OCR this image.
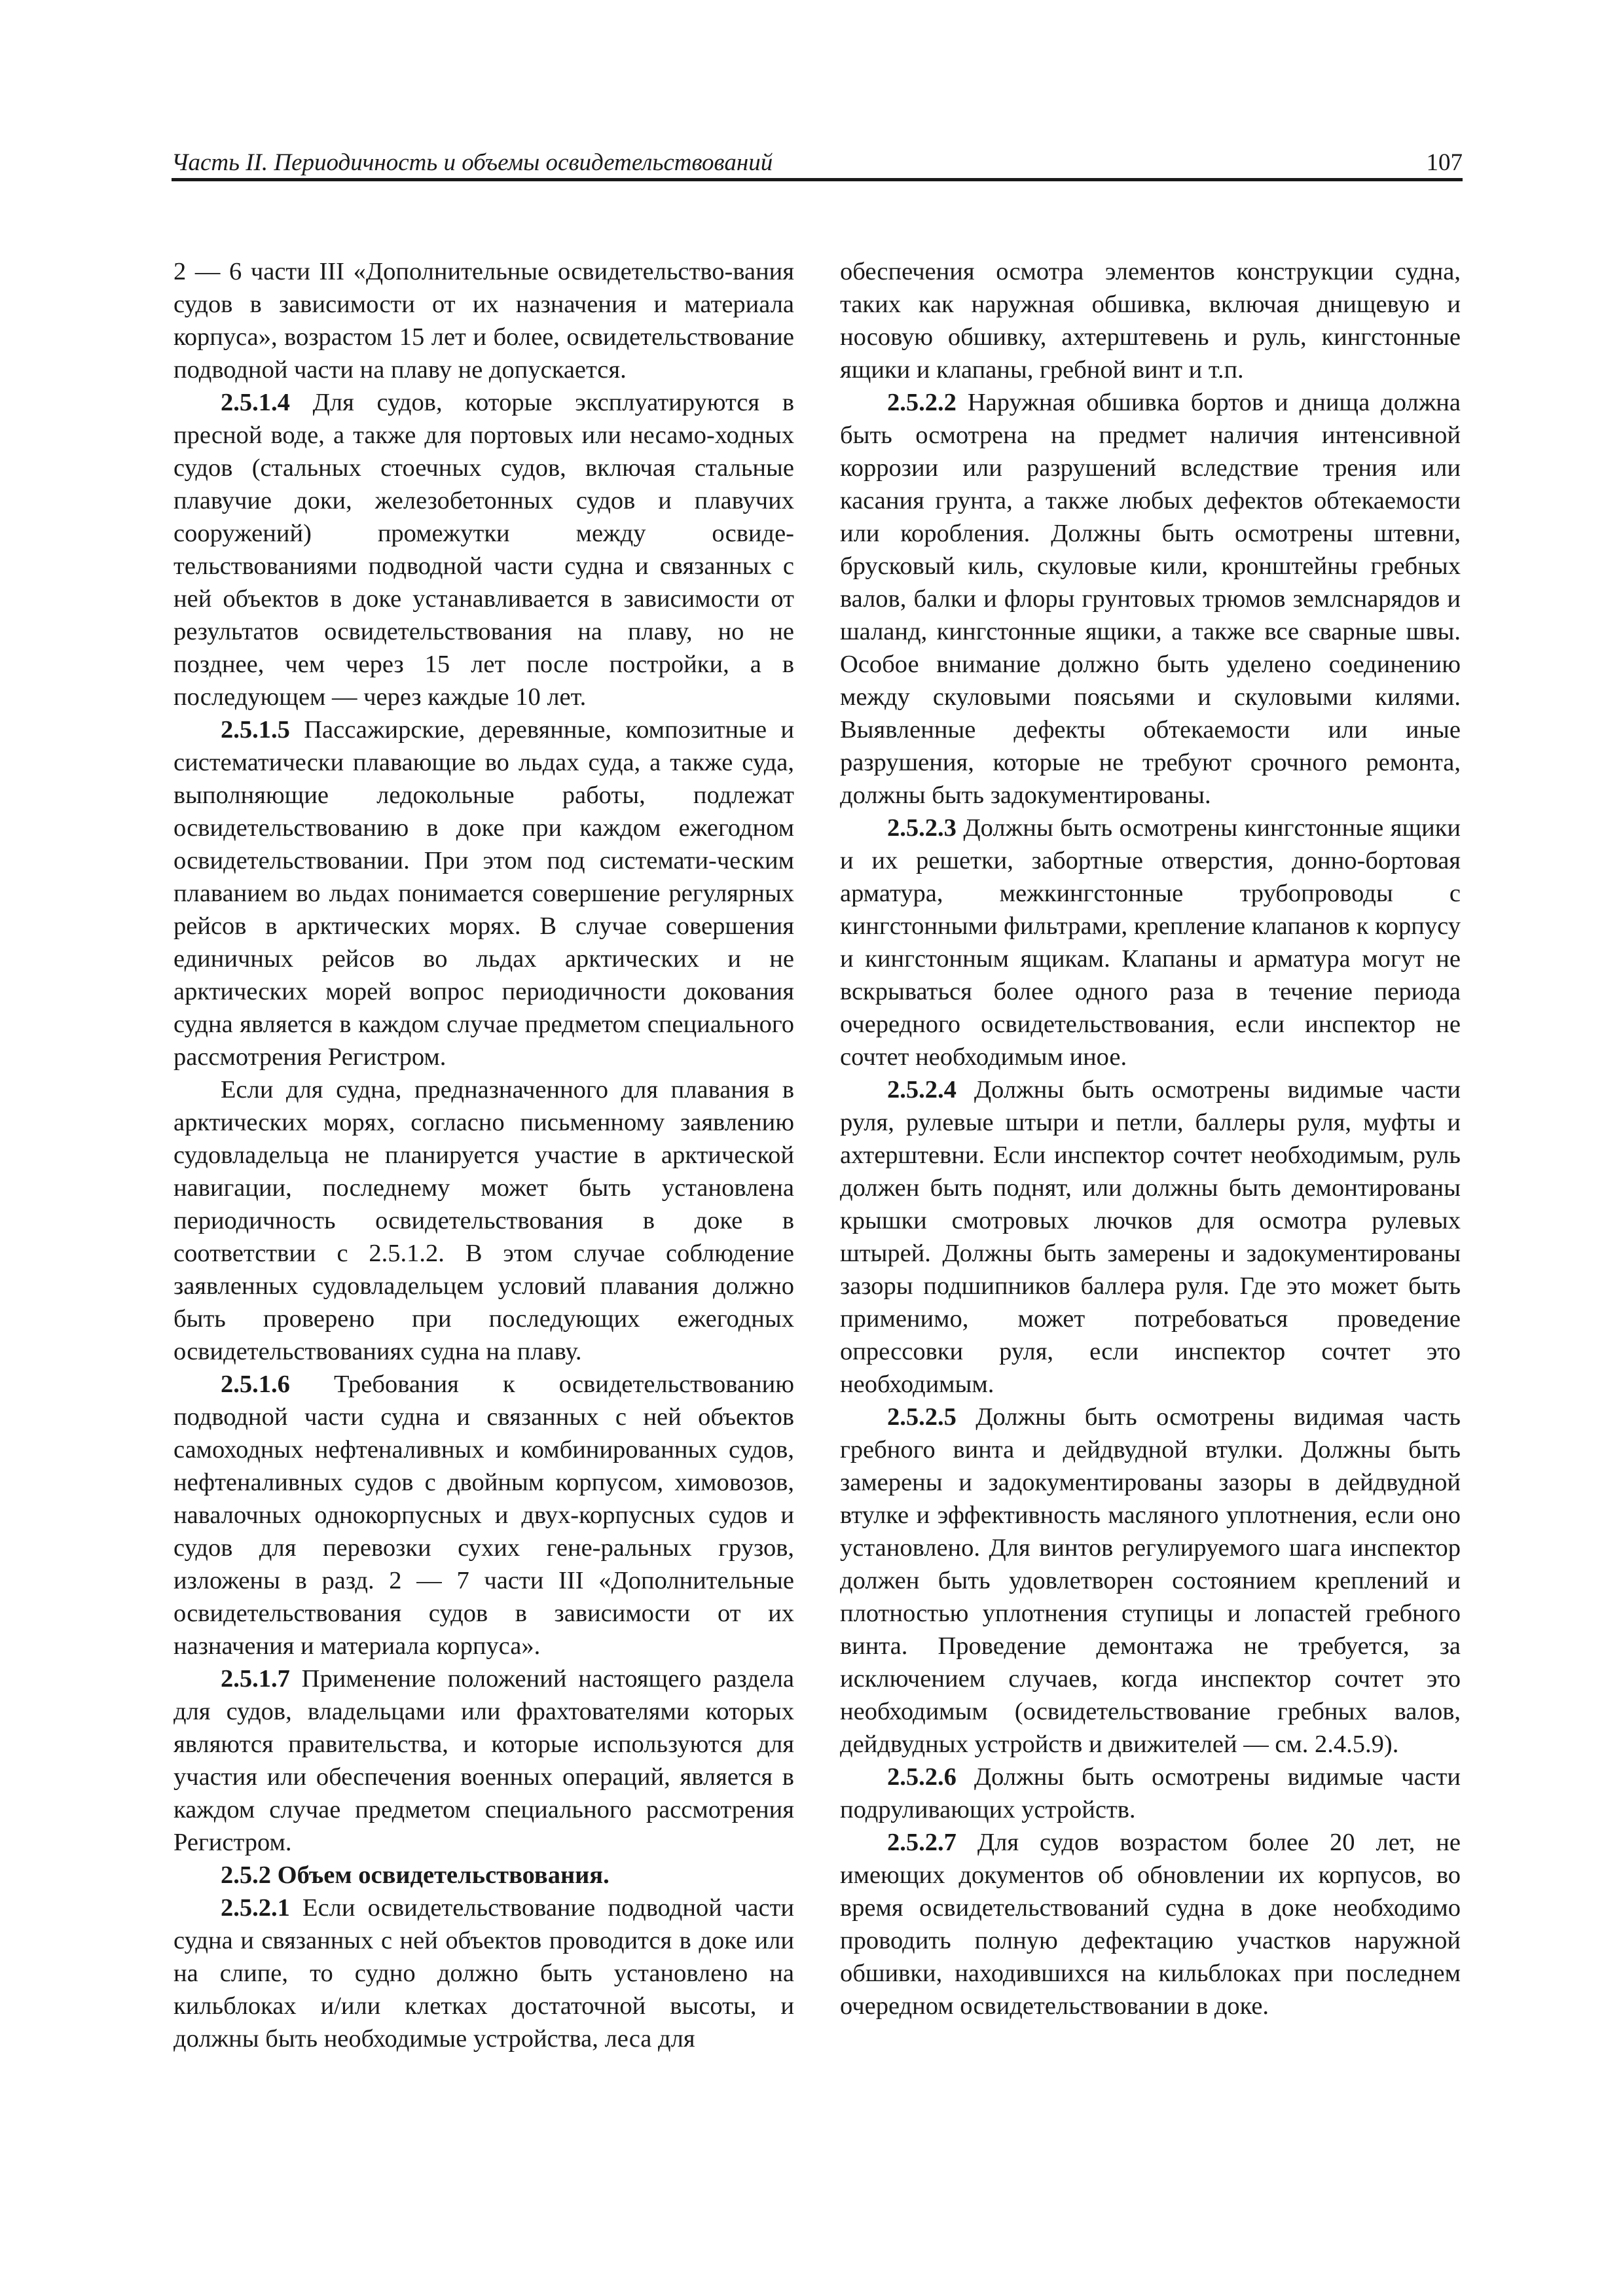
Часть II. Периодичность и объемы освидетельствований	107

2 — 6 части III «Дополнительные освидетельство-вания судов в зависимости от их назначения и материала корпуса», возрастом 15 лет и более, освидетельствование подводной части на плаву не допускается.

2.5.1.4 Для судов, которые эксплуатируются в пресной воде, а также для портовых или несамо-ходных судов (стальных стоечных судов, включая стальные плавучие доки, железобетонных судов и плавучих сооружений) промежутки между освиде-тельствованиями подводной части судна и связанных с ней объектов в доке устанавливается в зависимости от результатов освидетельствования на плаву, но не позднее, чем через 15 лет после постройки, а в последующем — через каждые 10 лет.

2.5.1.5 Пассажирские, деревянные, композитные и систематически плавающие во льдах суда, а также суда, выполняющие ледокольные работы, подлежат освидетельствованию в доке при каждом ежегодном освидетельствовании. При этом под системати-ческим плаванием во льдах понимается совершение регулярных рейсов в арктических морях. В случае совершения единичных рейсов во льдах арктических и не арктических морей вопрос периодичности докования судна является в каждом случае предметом специального рассмотрения Регистром.

Если для судна, предназначенного для плавания в арктических морях, согласно письменному заявлению судовладельца не планируется участие в арктической навигации, последнему может быть установлена периодичность освидетельствования в доке в соответствии с 2.5.1.2. В этом случае соблюдение заявленных судовладельцем условий плавания должно быть проверено при последующих ежегодных освидетельствованиях судна на плаву.

2.5.1.6 Требования к освидетельствованию подводной части судна и связанных с ней объектов самоходных нефтеналивных и комбинированных судов, нефтеналивных судов с двойным корпусом, химовозов, навалочных однокорпусных и двух-корпусных судов и судов для перевозки сухих гене-ральных грузов, изложены в разд. 2 — 7 части III «Дополнительные освидетельствования судов в зависимости от их назначения и материала корпуса».

2.5.1.7 Применение положений настоящего раздела для судов, владельцами или фрахтователями которых являются правительства, и которые используются для участия или обеспечения военных операций, является в каждом случае предметом специального рассмотрения Регистром.

2.5.2 Объем освидетельствования.

2.5.2.1 Если освидетельствование подводной части судна и связанных с ней объектов проводится в доке или на слипе, то судно должно быть установлено на кильблоках и/или клетках достаточной высоты, и должны быть необходимые устройства, леса для

обеспечения осмотра элементов конструкции судна, таких как наружная обшивка, включая днищевую и носовую обшивку, ахтерштевень и руль, кингстонные ящики и клапаны, гребной винт и т.п.

2.5.2.2 Наружная обшивка бортов и днища должна быть осмотрена на предмет наличия интенсивной коррозии или разрушений вследствие трения или касания грунта, а также любых дефектов обтекаемости или коробления. Должны быть осмотрены штевни, брусковый киль, скуловые кили, кронштейны гребных валов, балки и флоры грунтовых трюмов землснарядов и шаланд, кингстонные ящики, а также все сварные швы. Особое внимание должно быть уделено соединению между скуловыми поясьями и скуловыми килями. Выявленные дефекты обтекаемости или иные разрушения, которые не требуют срочного ремонта, должны быть задокументированы.

2.5.2.3 Должны быть осмотрены кингстонные ящики и их решетки, забортные отверстия, донно-бортовая арматура, межкингстонные трубопроводы с кингстонными фильтрами, крепление клапанов к корпусу и кингстонным ящикам. Клапаны и арматура могут не вскрываться более одного раза в течение периода очередного освидетельствования, если инспектор не сочтет необходимым иное.

2.5.2.4 Должны быть осмотрены видимые части руля, рулевые штыри и петли, баллеры руля, муфты и ахтерштевни. Если инспектор сочтет необходимым, руль должен быть поднят, или должны быть демонтированы крышки смотровых лючков для осмотра рулевых штырей. Должны быть замерены и задокументированы зазоры подшипников баллера руля. Где это может быть применимо, может потребоваться проведение опрессовки руля, если инспектор сочтет это необходимым.

2.5.2.5 Должны быть осмотрены видимая часть гребного винта и дейдвудной втулки. Должны быть замерены и задокументированы зазоры в дейдвудной втулке и эффективность масляного уплотнения, если оно установлено. Для винтов регулируемого шага инспектор должен быть удовлетворен состоянием креплений и плотностью уплотнения ступицы и лопастей гребного винта. Проведение демонтажа не требуется, за исключением случаев, когда инспектор сочтет это необходимым (освидетельствование гребных валов, дейдвудных устройств и движителей — см. 2.4.5.9).

2.5.2.6 Должны быть осмотрены видимые части подруливающих устройств.

2.5.2.7 Для судов возрастом более 20 лет, не имеющих документов об обновлении их корпусов, во время освидетельствований судна в доке необходимо проводить полную дефектацию участков наружной обшивки, находившихся на кильблоках при последнем очередном освидетельствовании в доке.
